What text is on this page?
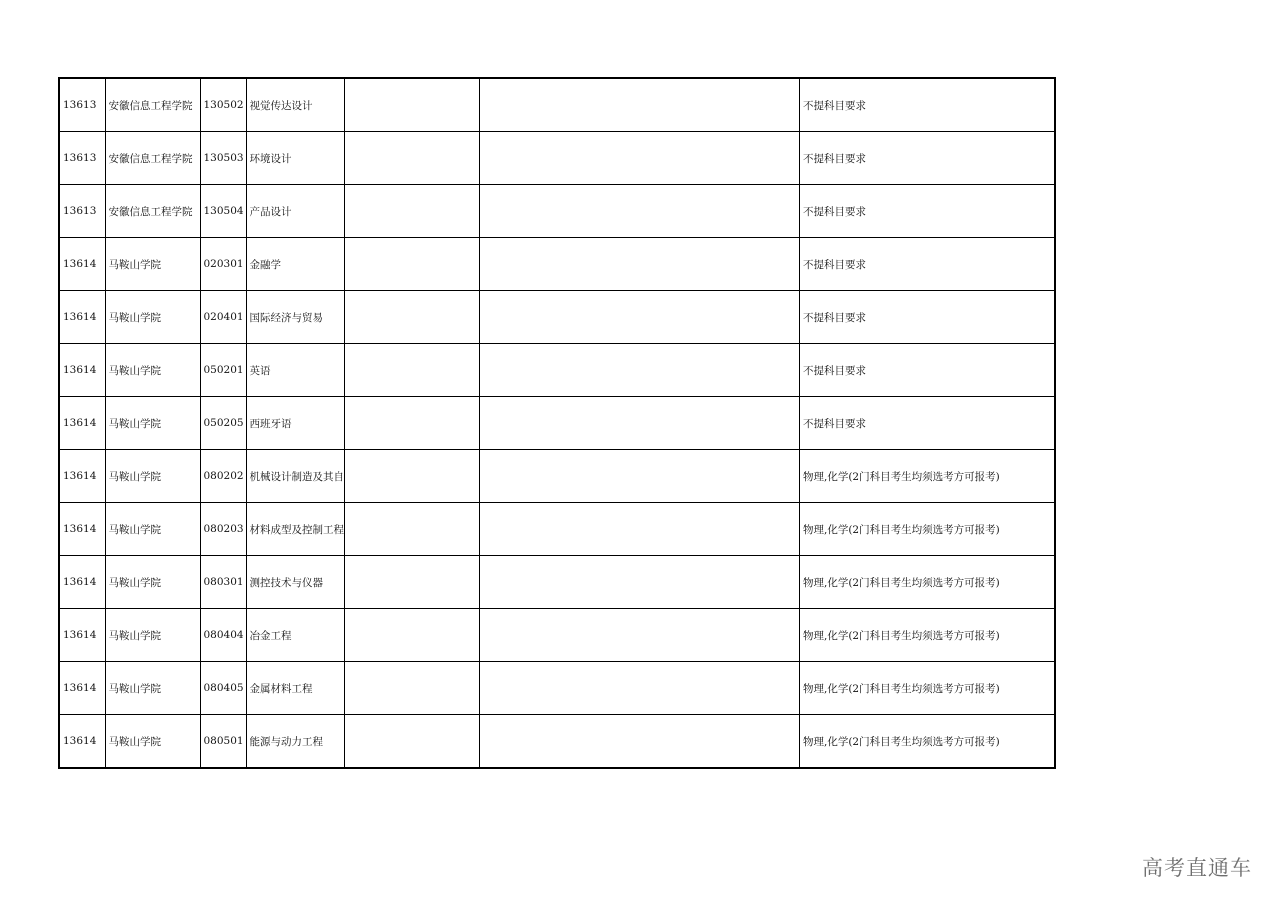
13613	安徽信息工程学院	130502	视觉传达设计			不提科目要求
13613	安徽信息工程学院	130503	环境设计			不提科目要求
13613	安徽信息工程学院	130504	产品设计			不提科目要求
13614	马鞍山学院	020301	金融学			不提科目要求
13614	马鞍山学院	020401	国际经济与贸易			不提科目要求
13614	马鞍山学院	050201	英语			不提科目要求
13614	马鞍山学院	050205	西班牙语			不提科目要求
13614	马鞍山学院	080202	机械设计制造及其自			物理,化学(2门科目考生均须选考方可报考)
13614	马鞍山学院	080203	材料成型及控制工程			物理,化学(2门科目考生均须选考方可报考)
13614	马鞍山学院	080301	测控技术与仪器			物理,化学(2门科目考生均须选考方可报考)
13614	马鞍山学院	080404	冶金工程			物理,化学(2门科目考生均须选考方可报考)
13614	马鞍山学院	080405	金属材料工程			物理,化学(2门科目考生均须选考方可报考)
13614	马鞍山学院	080501	能源与动力工程			物理,化学(2门科目考生均须选考方可报考)
高考直通车
